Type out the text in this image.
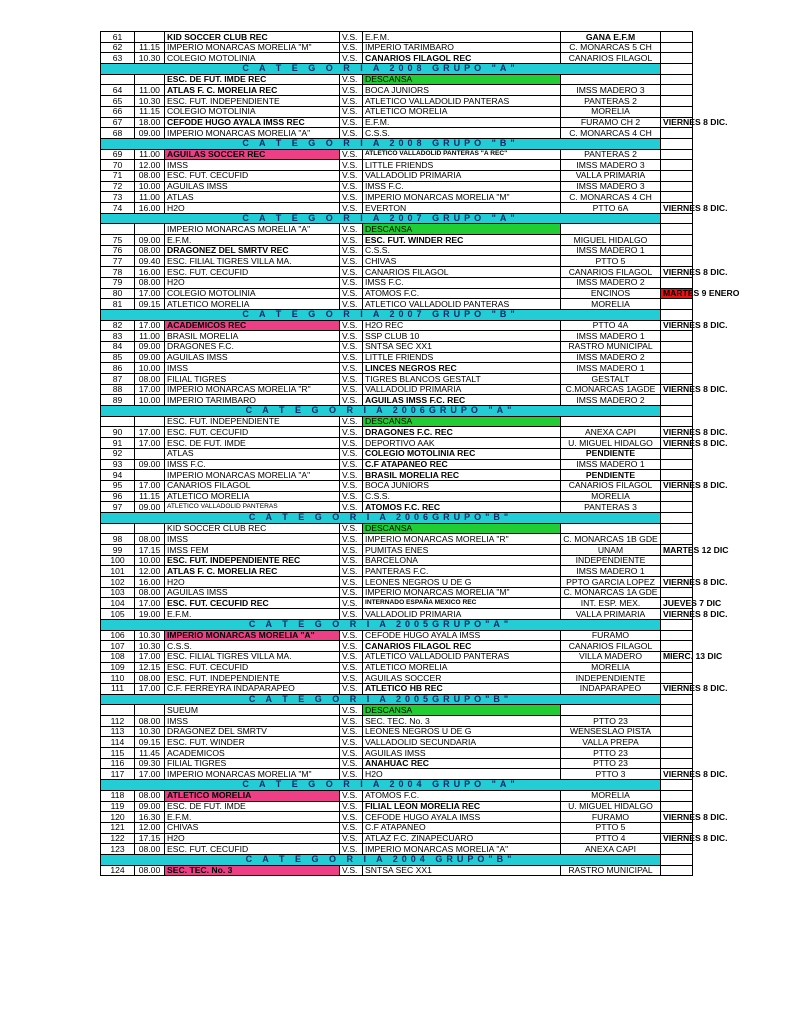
61		KID SOCCER CLUB REC	V.S.	E.F.M.	GANA E.F.M	
62	11.15	IMPERIO MONARCAS MORELIA "M"	V.S.	IMPERIO TARIMBARO	C. MONARCAS 5 CH	
63	10.30	COLEGIO MOTOLINIA	V.S.	CANARIOS FILAGOL REC	CANARIOS FILAGOL	
C A T E G O R I A 2008 GRUPO "A"						
		ESC. DE FUT. IMDE REC	V.S.	DESCANSA		
64	11.00	ATLAS F. C. MORELIA REC	V.S.	BOCA JUNIORS	IMSS MADERO 3	
65	10.30	ESC. FUT. INDEPENDIENTE	V.S.	ATLETICO VALLADOLID PANTERAS	PANTERAS 2	
66	11.15	COLEGIO MOTOLINIA	V.S.	ATLETICO MORELIA	MORELIA	
67	18.00	CEFODE HUGO AYALA IMSS REC	V.S.	E.F.M.	FURAMO CH 2	VIERNES 8 DIC.
68	09.00	IMPERIO MONARCAS MORELIA "A"	V.S.	C.S.S.	C. MONARCAS 4 CH	
C A T E G O R I A 2008 GRUPO "B"						
69	11.00	AGUILAS SOCCER REC	V.S.	ATLETICO VALLADOLID PANTERAS "A REC"	PANTERAS 2	
70	12.00	IMSS	V.S.	LITTLE FRIENDS	IMSS MADERO 3	
71	08.00	ESC. FUT. CECUFID	V.S.	VALLADOLID PRIMARIA	VALLA PRIMARIA	
72	10.00	AGUILAS IMSS	V.S.	IMSS F.C.	IMSS MADERO 3	
73	11.00	ATLAS	V.S.	IMPERIO MONARCAS MORELIA "M"	C. MONARCAS 4 CH	
74	16.00	H2O	V.S.	EVERTON	PTTO 6A	VIERNES 8 DIC.
C A T E G O R I A 2007 GRUPO "A"						
		IMPERIO MONARCAS MORELIA "A"	V.S.	DESCANSA		
75	09.00	E.F.M.	V.S.	ESC. FUT. WINDER REC	MIGUEL HIDALGO	
76	08.00	DRAGONEZ DEL SMRTV REC	V.S.	C.S.S.	IMSS MADERO 1	
77	09.40	ESC. FILIAL TIGRES VILLA MA.	V.S.	CHIVAS	PTTO 5	
78	16.00	ESC. FUT. CECUFID	V.S.	CANARIOS FILAGOL	CANARIOS FILAGOL	VIERNES 8 DIC.
79	08.00	H2O	V.S.	IMSS F.C.	IMSS MADERO 2	
80	17.00	COLEGIO MOTOLINIA	V.S.	ATOMOS F.C.	ENCINOS	MARTES 9 ENERO
81	09.15	ATLETICO MORELIA	V.S.	ATLETICO VALLADOLID PANTERAS	MORELIA	
C A T E G O R I A 2007 GRUPO "B"						
82	17.00	ACADEMICOS REC	V.S.	H2O REC	PTTO 4A	VIERNES 8 DIC.
83	11.00	BRASIL MORELIA	V.S.	SSP CLUB 10	IMSS MADERO 1	
84	09.00	DRAGONES F.C.	V.S.	SNTSA SEC XX1	RASTRO MUNICIPAL	
85	09.00	AGUILAS IMSS	V.S.	LITTLE FRIENDS	IMSS MADERO 2	
86	10.00	IMSS	V.S.	LINCES NEGROS REC	IMSS MADERO 1	
87	08.00	FILIAL TIGRES	V.S.	TIGRES BLANCOS GESTALT	GESTALT	
88	17.00	IMPERIO MONARCAS MORELIA "R"	V.S.	VALLADOLID PRIMARIA	C.MONARCAS 1AGDE	VIERNES 8 DIC.
89	10.00	IMPERIO TARIMBARO	V.S.	AGUILAS IMSS F.C. REC	IMSS MADERO 2	
C A T E G O R I A 2006GRUPO "A"						
		ESC. FUT. INDEPENDIENTE	V.S.	DESCANSA		
90	17.00	ESC. FUT. CECUFID	V.S.	DRAGONES F.C. REC	ANEXA CAPI	VIERNES 8 DIC.
91	17.00	ESC. DE FUT. IMDE	V.S.	DEPORTIVO AAK	U. MIGUEL HIDALGO	VIERNES 8 DIC.
92		ATLAS	V.S.	COLEGIO MOTOLINIA REC	PENDIENTE	
93	09.00	IMSS F.C.	V.S.	C.F ATAPANEO REC	IMSS MADERO 1	
94		IMPERIO MONARCAS MORELIA "A"	V.S.	BRASIL MORELIA REC	PENDIENTE	
95	17.00	CANARIOS FILAGOL	V.S.	BOCA JUNIORS	CANARIOS FILAGOL	VIERNES 8 DIC.
96	11.15	ATLETICO MORELIA	V.S.	C.S.S.	MORELIA	
97	09.00	ATLETICO VALLADOLID PANTERAS	V.S.	ATOMOS F.C. REC	PANTERAS 3	
C A T E G O R I A 2006GRUPO"B"						
		KID SOCCER CLUB REC	V.S.	DESCANSA		
98	08.00	IMSS	V.S.	IMPERIO MONARCAS MORELIA "R"	C. MONARCAS 1B GDE	
99	17.15	IMSS FEM	V.S.	PUMITAS ENES	UNAM	MARTES 12 DIC
100	10.00	ESC. FUT. INDEPENDIENTE REC	V.S.	BARCELONA	INDEPENDIENTE	
101	12.00	ATLAS F. C. MORELIA REC	V.S.	PANTERAS F.C.	IMSS MADERO 1	
102	16.00	H2O	V.S.	LEONES NEGROS U DE G	PPTO GARCIA LOPEZ	VIERNES 8 DIC.
103	08.00	AGUILAS IMSS	V.S.	IMPERIO MONARCAS MORELIA "M"	C. MONARCAS 1A GDE	
104	17.00	ESC. FUT. CECUFID REC	V.S.	INTERNADO ESPAÑA MEXICO REC	INT. ESP. MEX.	JUEVES 7 DIC
105	19.00	E.F.M.	V.S.	VALLADOLID PRIMARIA	VALLA PRIMARIA	VIERNES 8 DIC.
C A T E G O R I A 2005GRUPO"A"						
106	10.30	IMPERIO MONARCAS MORELIA "A"	V.S.	CEFODE HUGO AYALA IMSS	FURAMO	
107	10.30	C.S.S.	V.S.	CANARIOS FILAGOL REC	CANARIOS FILAGOL	
108	17.00	ESC. FILIAL TIGRES VILLA MA.	V.S.	ATLETICO VALLADOLID PANTERAS	VILLA MADERO	MIERC. 13 DIC
109	12.15	ESC. FUT. CECUFID	V.S.	ATLETICO MORELIA	MORELIA	
110	08.00	ESC. FUT. INDEPENDIENTE	V.S.	AGUILAS SOCCER	INDEPENDIENTE	
111	17.00	C.F. FERREYRA INDAPARAPEO	V.S.	ATLETICO HB REC	INDAPARAPEO	VIERNES 8 DIC.
C A T E G O R I A 2005GRUPO"B"						
		SUEUM	V.S.	DESCANSA		
112	08.00	IMSS	V.S.	SEC. TEC. No. 3	PTTO 23	
113	10.30	DRAGONEZ DEL SMRTV	V.S.	LEONES NEGROS U DE G	WENSESLAO PISTA	
114	09.15	ESC. FUT. WINDER	V.S.	VALLADOLID SECUNDARIA	VALLA PREPA	
115	11.45	ACADEMICOS	V.S.	AGUILAS IMSS	PTTO 23	
116	09.30	FILIAL TIGRES	V.S.	ANAHUAC REC	PTTO 23	
117	17.00	IMPERIO MONARCAS MORELIA "M"	V.S.	H2O	PTTO 3	VIERNES 8 DIC.
C A T E G O R I A 2004 GRUPO "A"						
118	08.00	ATLETICO MORELIA	V.S.	ATOMOS F.C.	MORELIA	
119	09.00	ESC. DE FUT. IMDE	V.S.	FILIAL LEON MORELIA REC	U. MIGUEL HIDALGO	
120	16.30	E.F.M.	V.S.	CEFODE HUGO AYALA IMSS	FURAMO	VIERNES 8 DIC.
121	12.00	CHIVAS	V.S.	C.F ATAPANEO	PTTO 5	
122	17.15	H2O	V.S.	ATLAZ F.C. ZINAPECUARO	PTTO 4	VIERNES 8 DIC.
123	08.00	ESC. FUT. CECUFID	V.S.	IMPERIO MONARCAS MORELIA "A"	ANEXA CAPI	
C A T E G O R I A 2004 GRUPO"B"						
124	08.00	SEC. TEC. No. 3	V.S.	SNTSA SEC XX1	RASTRO MUNICIPAL	
